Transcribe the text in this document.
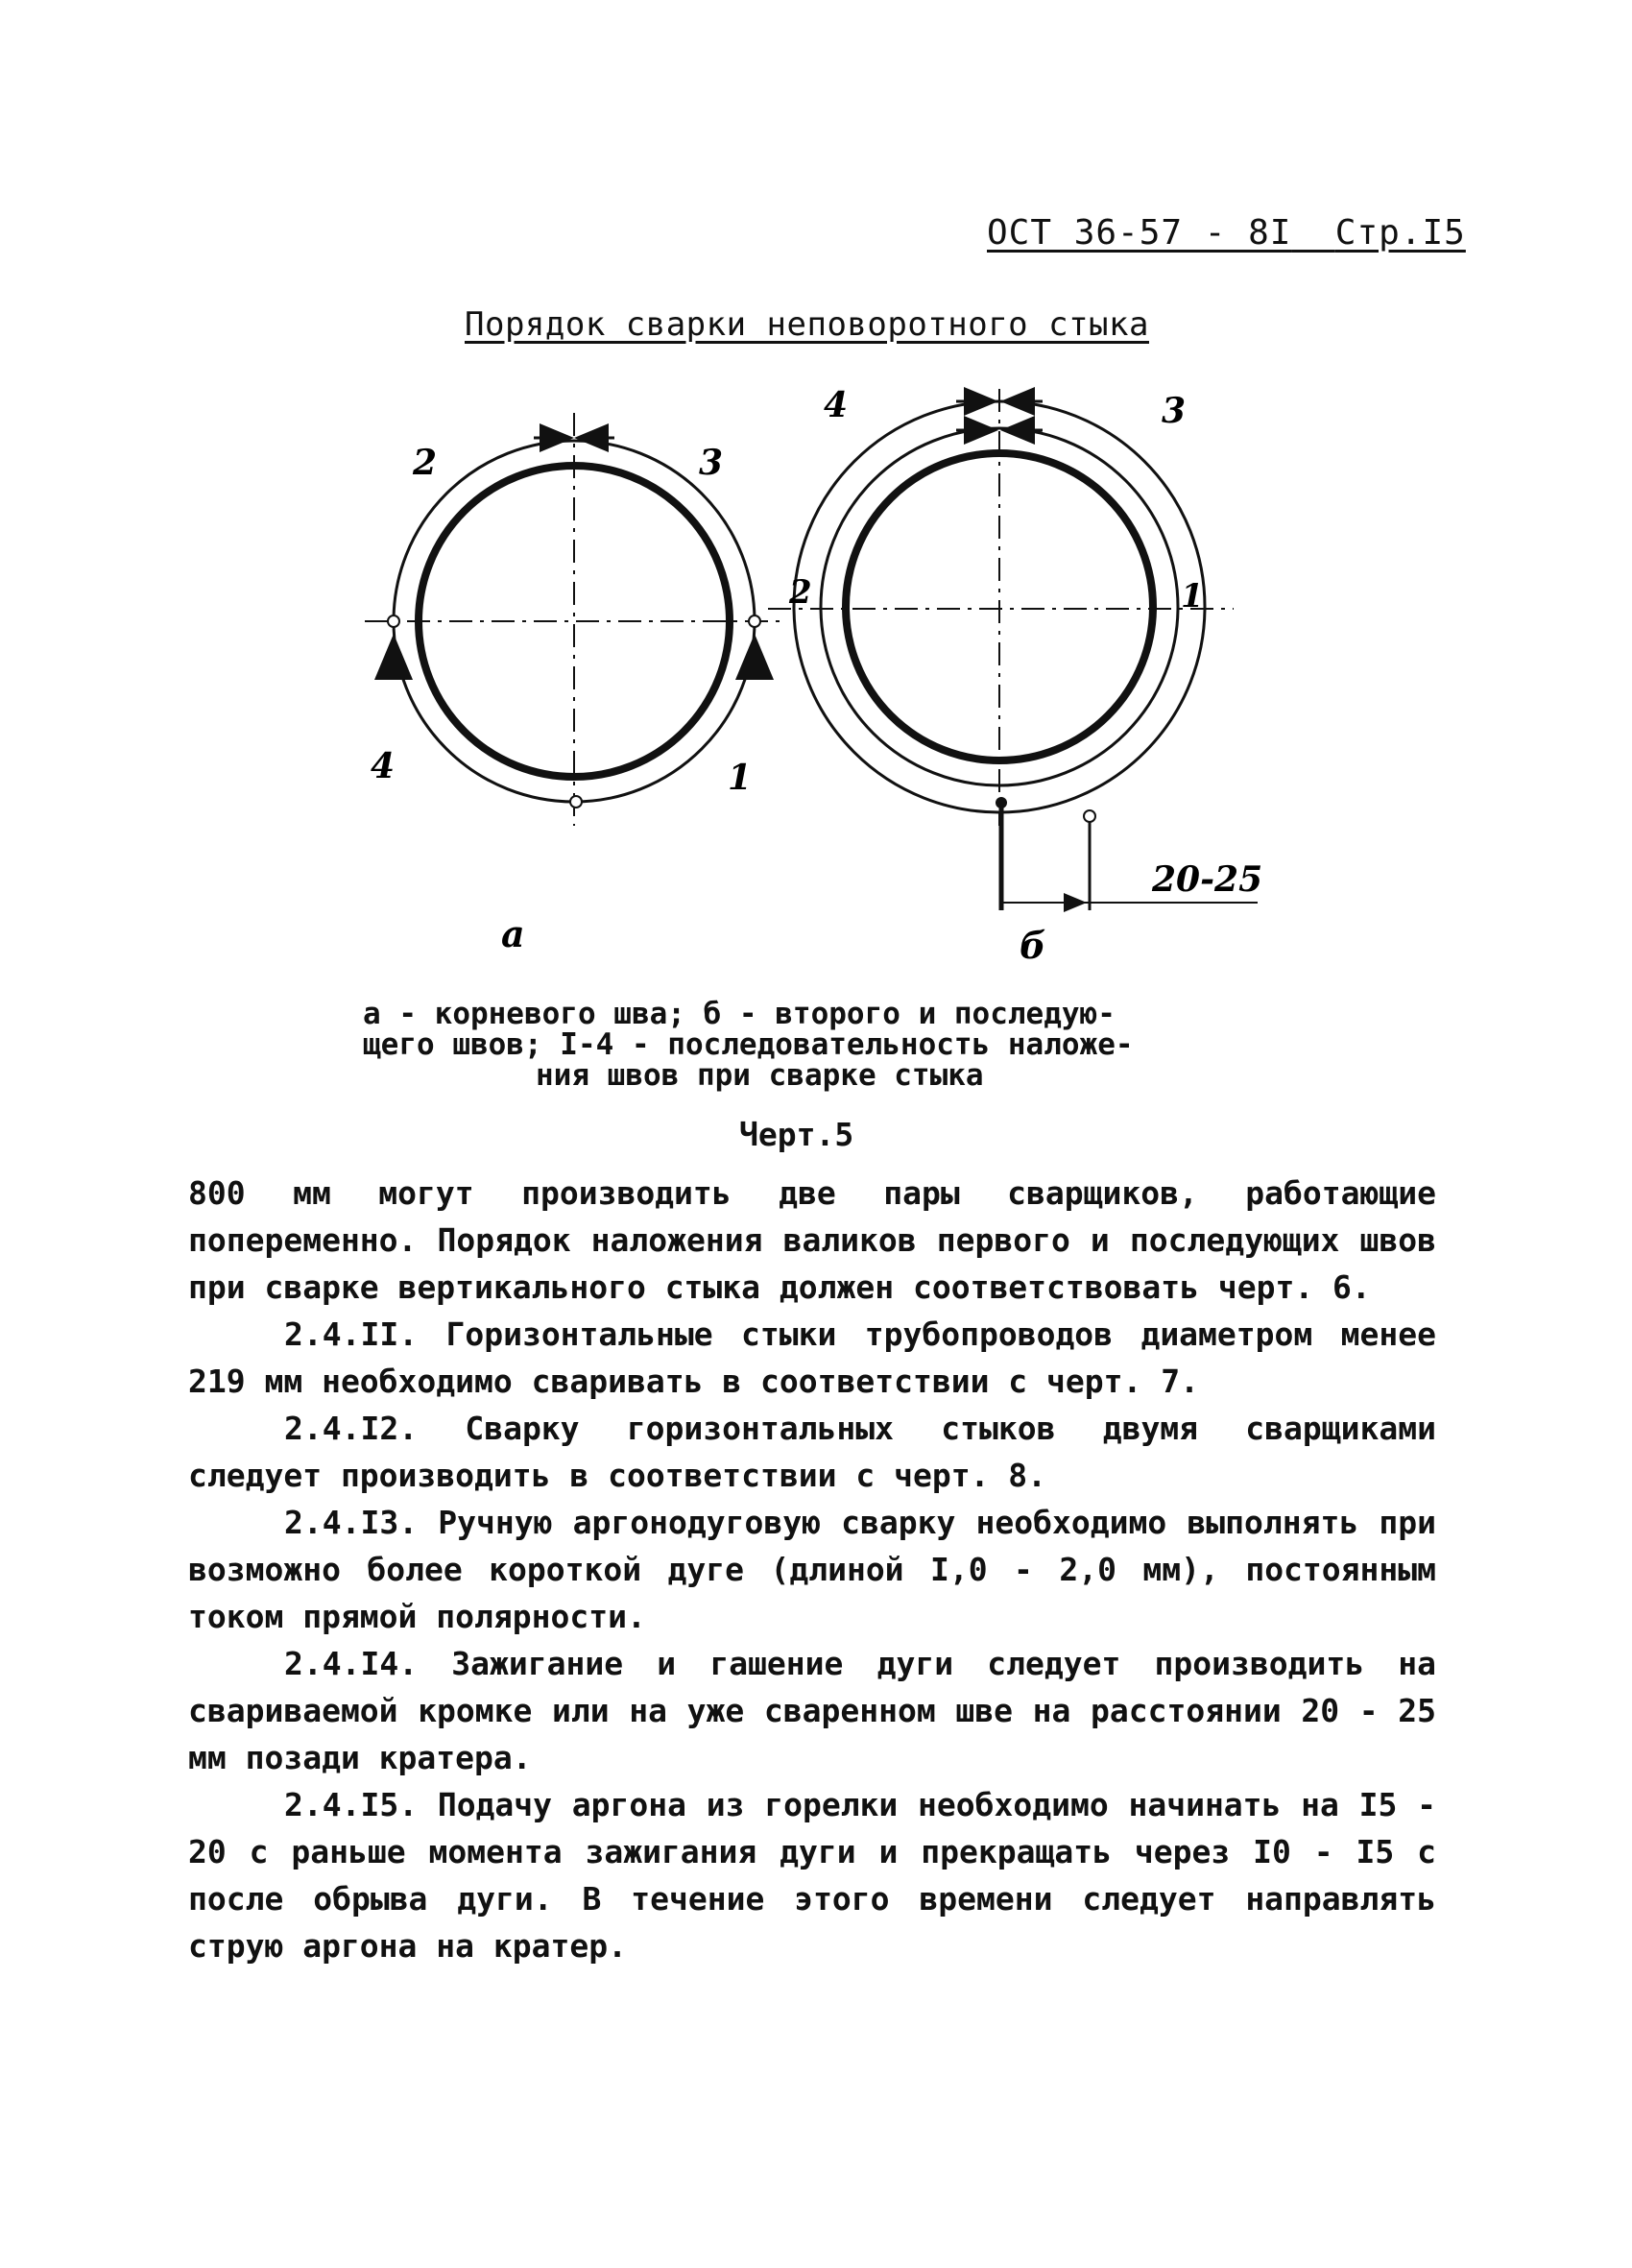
ОСТ 36-57 - 8I Стр.I5
Порядок сварки неповоротного стыка
2	3
4	1
а
4	3
2	1
20-25
б
а - корневого шва; б - второго и последую-
щего швов; I-4 - последовательность наложе-
ния швов при сварке стыка
Черт.5

800 мм могут производить две пары сварщиков, работающие попеременно. Порядок наложения валиков первого и последующих швов при сварке вертикального стыка должен соответствовать черт. 6.

2.4.II. Горизонтальные стыки трубопроводов диаметром менее 219 мм необходимо сваривать в соответствии с черт. 7.

2.4.I2. Сварку горизонтальных стыков двумя сварщиками следует производить в соответствии с черт. 8.

2.4.I3. Ручную аргонодуговую сварку необходимо выполнять при возможно более короткой дуге (длиной I,0 - 2,0 мм), постоянным током прямой полярности.

2.4.I4. Зажигание и гашение дуги следует производить на свариваемой кромке или на уже сваренном шве на расстоянии 20 - 25 мм позади кратера.

2.4.I5. Подачу аргона из горелки необходимо начинать на I5 - 20 с раньше момента зажигания дуги и прекращать через I0 - I5 с после обрыва дуги. В течение этого времени следует направлять струю аргона на кратер.
